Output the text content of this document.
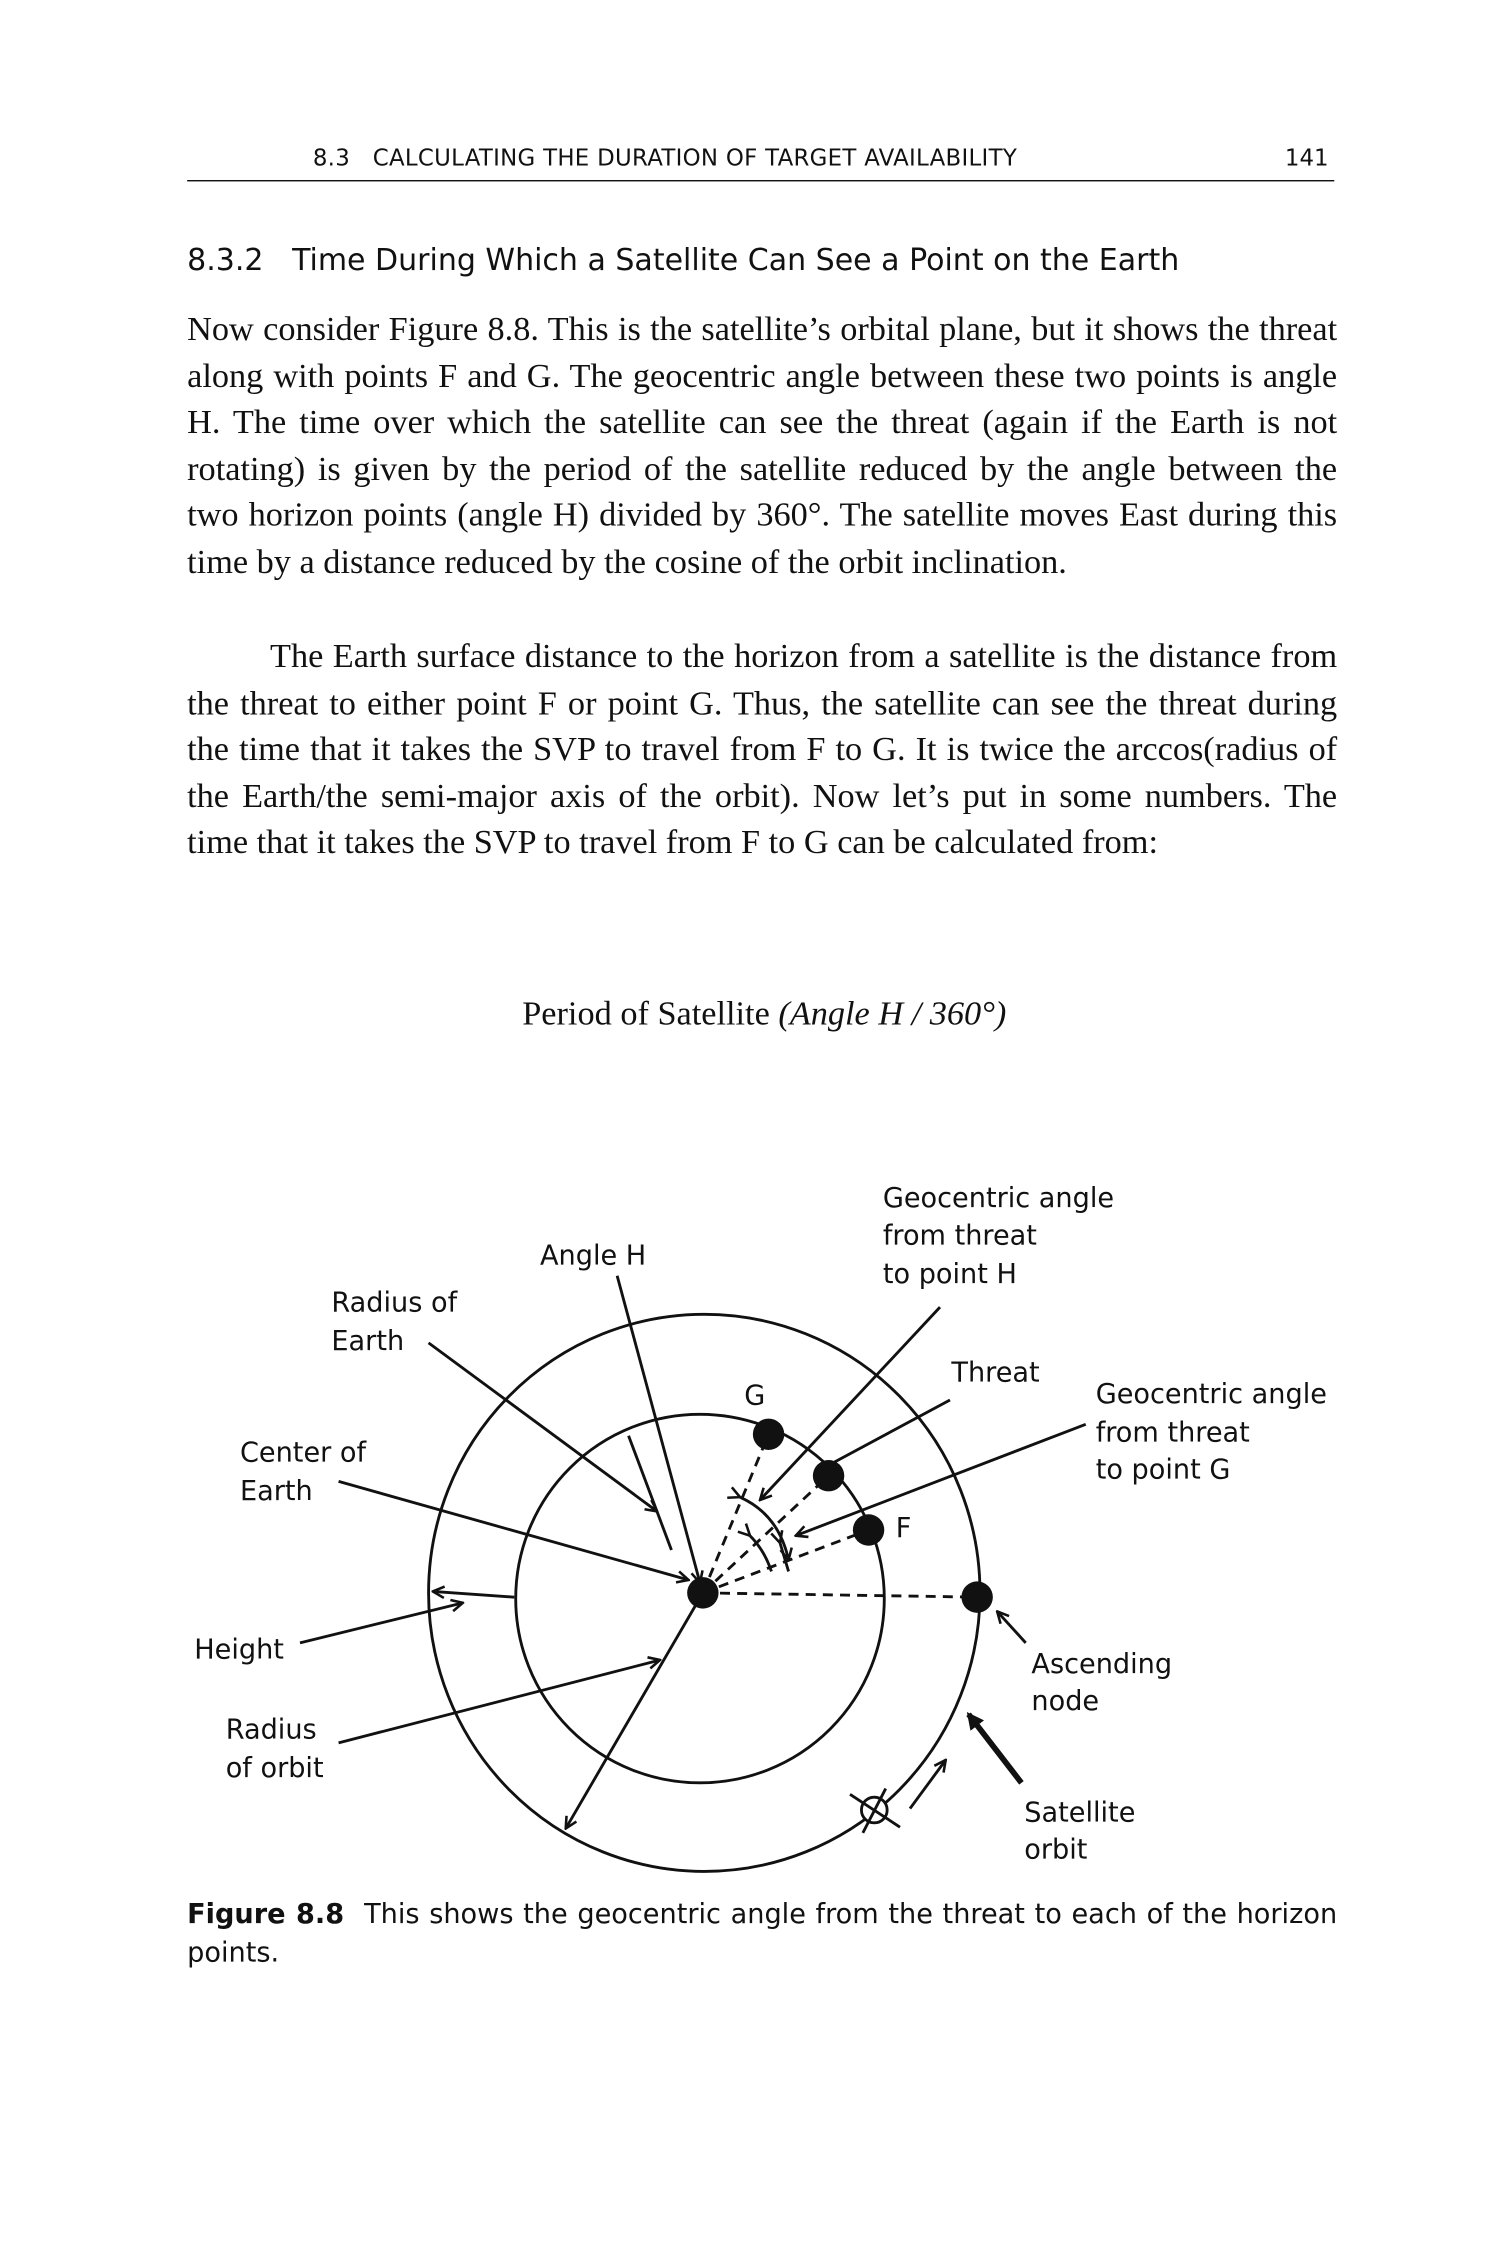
8.3   CALCULATING THE DURATION OF TARGET AVAILABILITY	141
8.3.2   Time During Which a Satellite Can See a Point on the Earth
Now consider Figure 8.8. This is the satellite’s orbital plane, but it shows the threat along with points F and G. The geocentric angle between these two points is angle H. The time over which the satellite can see the threat (again if the Earth is not rotating) is given by the period of the satellite reduced by the angle between the two horizon points (angle H) divided by 360°. The satellite moves East during this time by a distance reduced by the cosine of the orbit inclination.
The Earth surface distance to the horizon from a satellite is the distance from the threat to either point F or point G. Thus, the satellite can see the threat during the time that it takes the SVP to travel from F to G. It is twice the arccos(radius of the Earth/the semi-major axis of the orbit). Now let’s put in some numbers. The time that it takes the SVP to travel from F to G can be calculated from:
Period of Satellite (Angle H / 360°)
Angle H
Radius of
Earth
Center of
Earth
Height
Radius
of orbit
Geocentric angle
from threat
to point H
Threat
Geocentric angle
from threat
to point G
G
F
Ascending
node
Satellite
orbit
Figure 8.8 This shows the geocentric angle from the threat to each of the horizon points.
